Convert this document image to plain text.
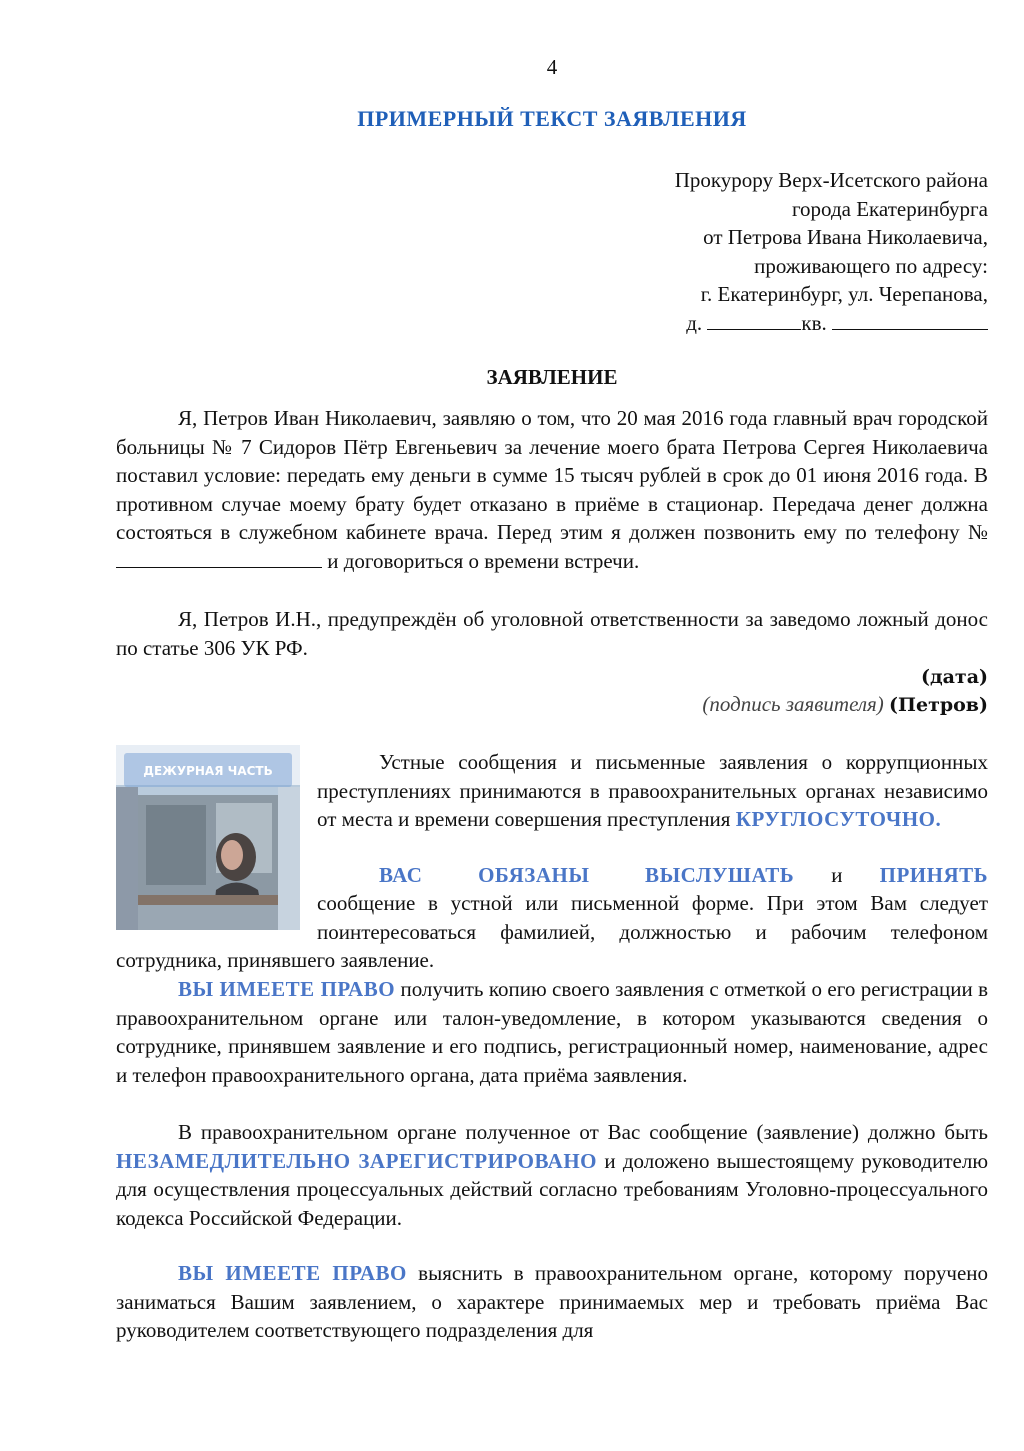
4
ПРИМЕРНЫЙ ТЕКСТ ЗАЯВЛЕНИЯ
Прокурору Верх-Исетского района
города Екатеринбурга
от Петрова Ивана Николаевича,
проживающего по адресу:
г. Екатеринбург, ул. Черепанова,
д.	кв.
ЗАЯВЛЕНИЕ
Я, Петров Иван Николаевич, заявляю о том, что 20 мая 2016 года главный врач городской больницы № 7 Сидоров Пётр Евгеньевич за лечение моего брата Петрова Сергея Николаевича поставил условие: передать ему деньги в сумме 15 тысяч рублей в срок до 01 июня 2016 года. В противном случае моему брату будет отказано в приёме в стационар. Передача денег должна состояться в служебном кабинете врача. Перед этим я должен позвонить ему по телефону №  и договориться о времени встречи.
Я, Петров И.Н., предупреждён об уголовной ответственности за заведомо ложный донос по статье 306 УК РФ.
(дата)
(подпись заявителя) (Петров)
ДЕЖУРНАЯ ЧАСТЬ	Устные сообщения и письменные заявления о коррупционных преступлениях принимаются в правоохранительных органах независимо от места и времени совершения преступления КРУГЛОСУТОЧНО.
ВАС ОБЯЗАНЫ ВЫСЛУШАТЬ и ПРИНЯТЬ
сообщение в устной или письменной форме. При этом Вам следует поинтересоваться фамилией, должностью и рабочим телефоном сотрудника, принявшего заявление.
ВЫ ИМЕЕТЕ ПРАВО получить копию своего заявления с отметкой о его регистрации в правоохранительном органе или талон-уведомление, в котором указываются сведения о сотруднике, принявшем заявление и его подпись, регистрационный номер, наименование, адрес и телефон правоохранительного органа, дата приёма заявления.
В правоохранительном органе полученное от Вас сообщение (заявление) должно быть НЕЗАМЕДЛИТЕЛЬНО ЗАРЕГИСТРИРОВАНО и доложено вышестоящему руководителю для осуществления процессуальных действий согласно требованиям Уголовно-процессуального кодекса Российской Федерации.
ВЫ ИМЕЕТЕ ПРАВО выяснить в правоохранительном органе, которому поручено заниматься Вашим заявлением, о характере принимаемых мер и требовать приёма Вас руководителем соответствующего подразделения для
